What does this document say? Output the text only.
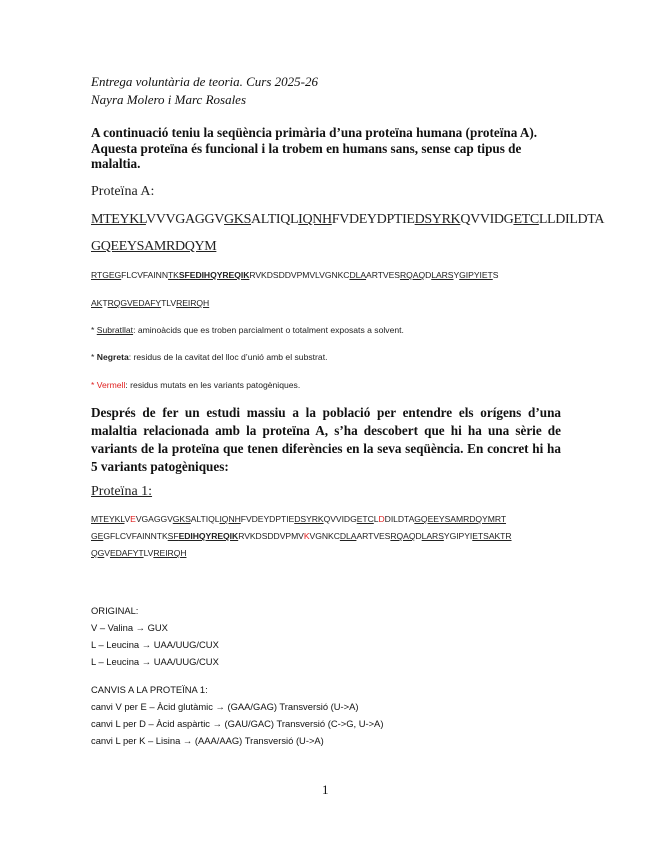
Entrega voluntària de teoria. Curs 2025-26
Nayra Molero i Marc Rosales
A continuació teniu la seqüència primària d’una proteïna humana (proteïna A). Aquesta proteïna és funcional i la trobem en humans sans, sense cap tipus de malaltia.
Proteïna A:
MTEYKLVVVGAGGVGKSALTIQLIQNHFVDEYDPTIEDSYRKQVVIDGETCLLDILDTA
GQEEYSAMRDQYM
RTGEGFLCVFAINNTKSFEDIHQYREQIKRVKDSDDVPMVLVGNKCDLAARTVESRQAQDLARSYGIPYIETS
AKTRQGVEDAFYTLVREIRQH
* Subratllat: aminoàcids que es troben parcialment o totalment exposats a solvent.
* Negreta: residus de la cavitat del lloc d’unió amb el substrat.
* Vermell: residus mutats en les variants patogèniques.
Després de fer un estudi massiu a la població per entendre els orígens d’una malaltia relacionada amb la proteïna A, s’ha descobert que hi ha una sèrie de variants de la proteïna que tenen diferències en la seva seqüència. En concret hi ha 5 variants patogèniques:
Proteïna 1:
MTEYKLVEVGAGGVGKSALTIQLIQNHFVDEYDPTIEDSYRKQVVIDGETCLDDILDTAGQEEYSAMRDQYMRT
GEGFLCVFAINNTKSFEDIHQYREQIKRVKDSDDVPMVKVGNKCDLAARTVESRQAQDLARSYGIPYIETSAKTR
QGVEDAFYTLVREIRQH
ORIGINAL:
V – Valina → GUX
L – Leucina → UAA/UUG/CUX
L – Leucina → UAA/UUG/CUX
CANVIS A LA PROTEÏNA 1:
canvi V per E – Àcid glutàmic → (GAA/GAG) Transversió (U->A)
canvi L per D – Àcid aspàrtic → (GAU/GAC) Transversió (C->G, U->A)
canvi L per K – Lisina → (AAA/AAG) Transversió (U->A)
1
